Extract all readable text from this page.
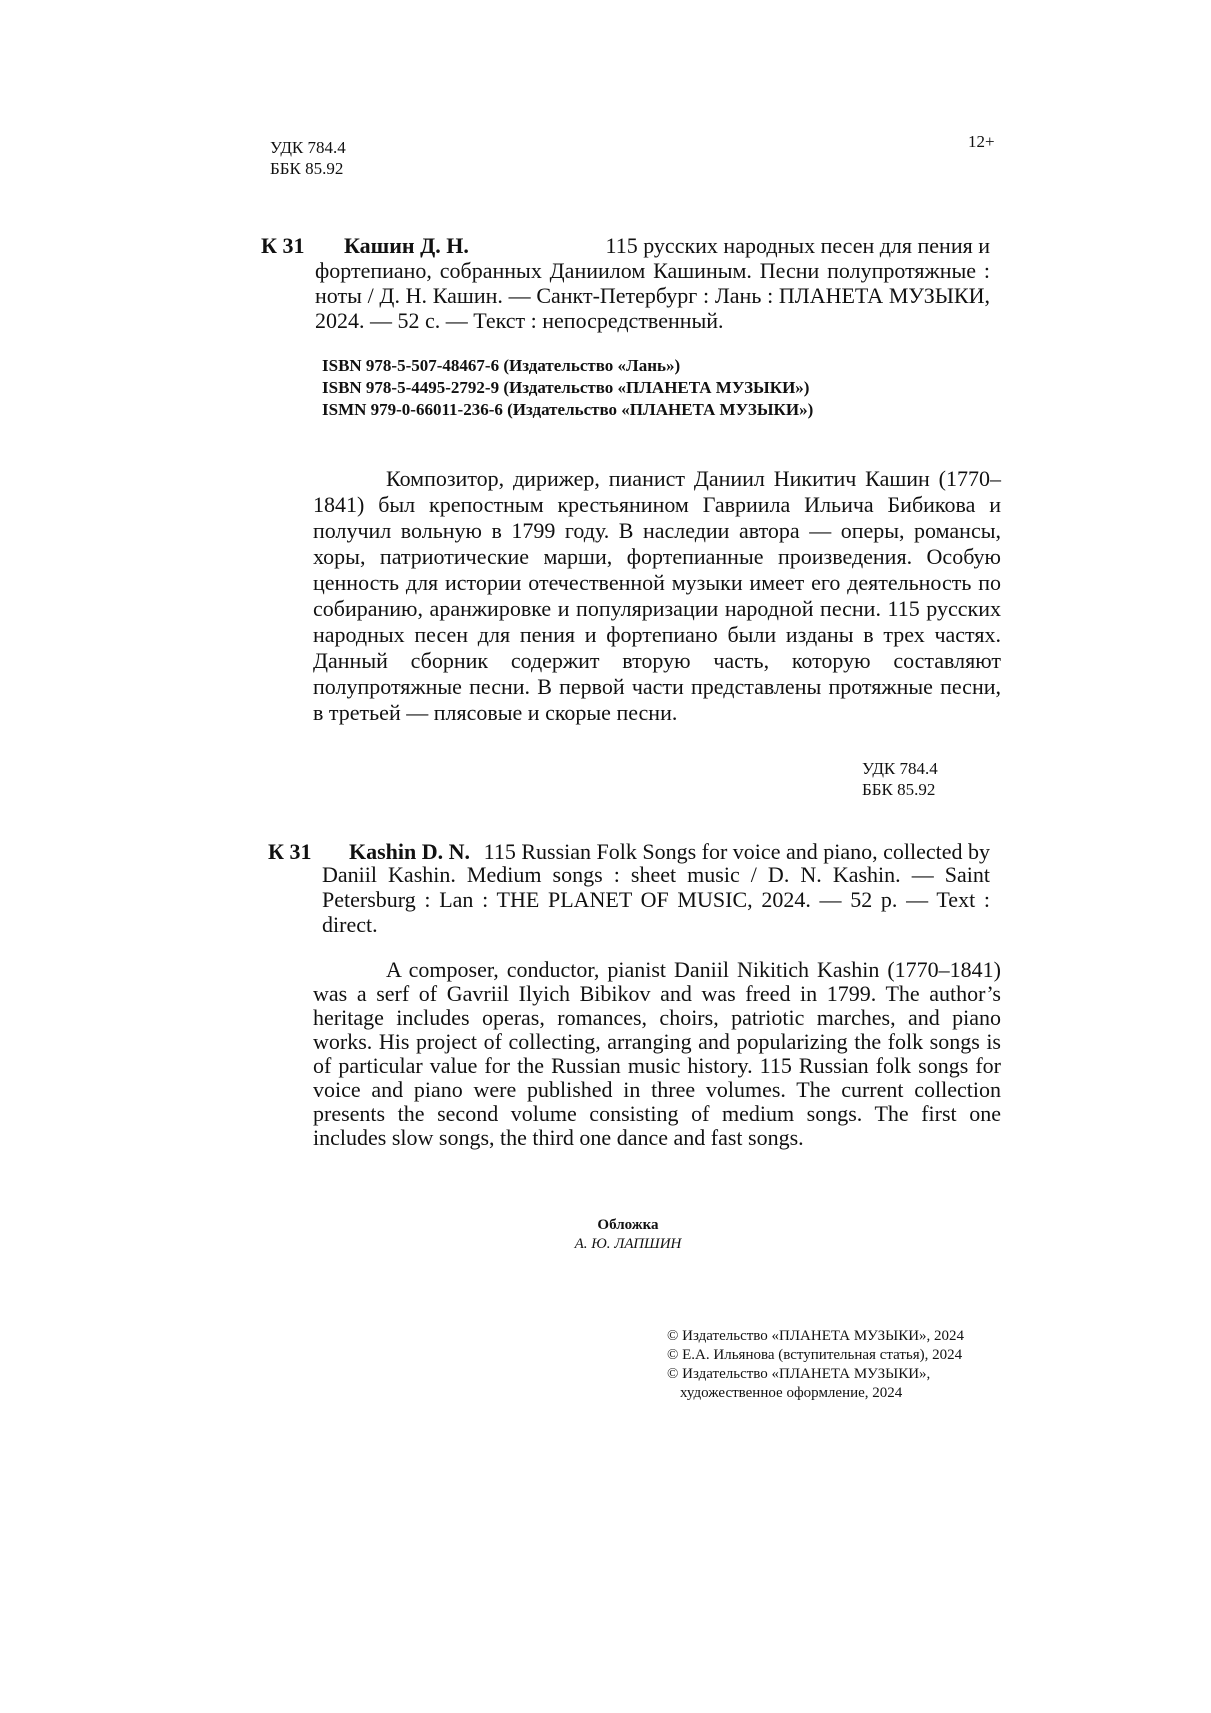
УДК 784.4
ББК 85.92
12+
К 31 Кашин Д. Н.	115 русских народных песен для пения и
фортепиано, собранных Даниилом Кашиным. Песни полупротяжные : ноты / Д. Н. Кашин. — Санкт-Петербург : Лань : ПЛАНЕТА МУЗЫКИ, 2024. — 52 с. — Текст : непосредственный.
ISBN 978-5-507-48467-6 (Издательство «Лань»)
ISBN 978-5-4495-2792-9 (Издательство «ПЛАНЕТА МУЗЫКИ»)
ISMN 979-0-66011-236-6 (Издательство «ПЛАНЕТА МУЗЫКИ»)
Композитор, дирижер, пианист Даниил Никитич Кашин (1770–1841) был крепостным крестьянином Гавриила Ильича Бибикова и получил вольную в 1799 году. В наследии автора — оперы, романсы, хоры, патриотические марши, фортепианные произведения. Особую ценность для истории отечественной музыки имеет его деятельность по собиранию, аранжировке и популяризации народной песни. 115 русских народных песен для пения и фортепиано были изданы в трех частях. Данный сборник содержит вторую часть, которую составляют полупротяжные песни. В первой части представлены протяжные песни, в третьей — плясовые и скорые песни.
УДК 784.4
ББК 85.92
К 31 Kashin D. N. 115 Russian Folk Songs for voice and piano, collected by
Daniil Kashin. Medium songs : sheet music / D. N. Kashin. — Saint Petersburg : Lan : THE PLANET OF MUSIC, 2024. — 52 p. — Text : direct.
A composer, conductor, pianist Daniil Nikitich Kashin (1770–1841) was a serf of Gavriil Ilyich Bibikov and was freed in 1799. The author’s heritage includes operas, romances, choirs, patriotic marches, and piano works. His project of collecting, arranging and popularizing the folk songs is of particular value for the Russian music history. 115 Russian folk songs for voice and piano were published in three volumes. The current collection presents the second volume consisting of medium songs. The first one includes slow songs, the third one dance and fast songs.
Обложка
А. Ю. ЛАПШИН
© Издательство «ПЛАНЕТА МУЗЫКИ», 2024
© Е.А. Ильянова (вступительная статья), 2024
© Издательство «ПЛАНЕТА МУЗЫКИ»,
художественное оформление, 2024
